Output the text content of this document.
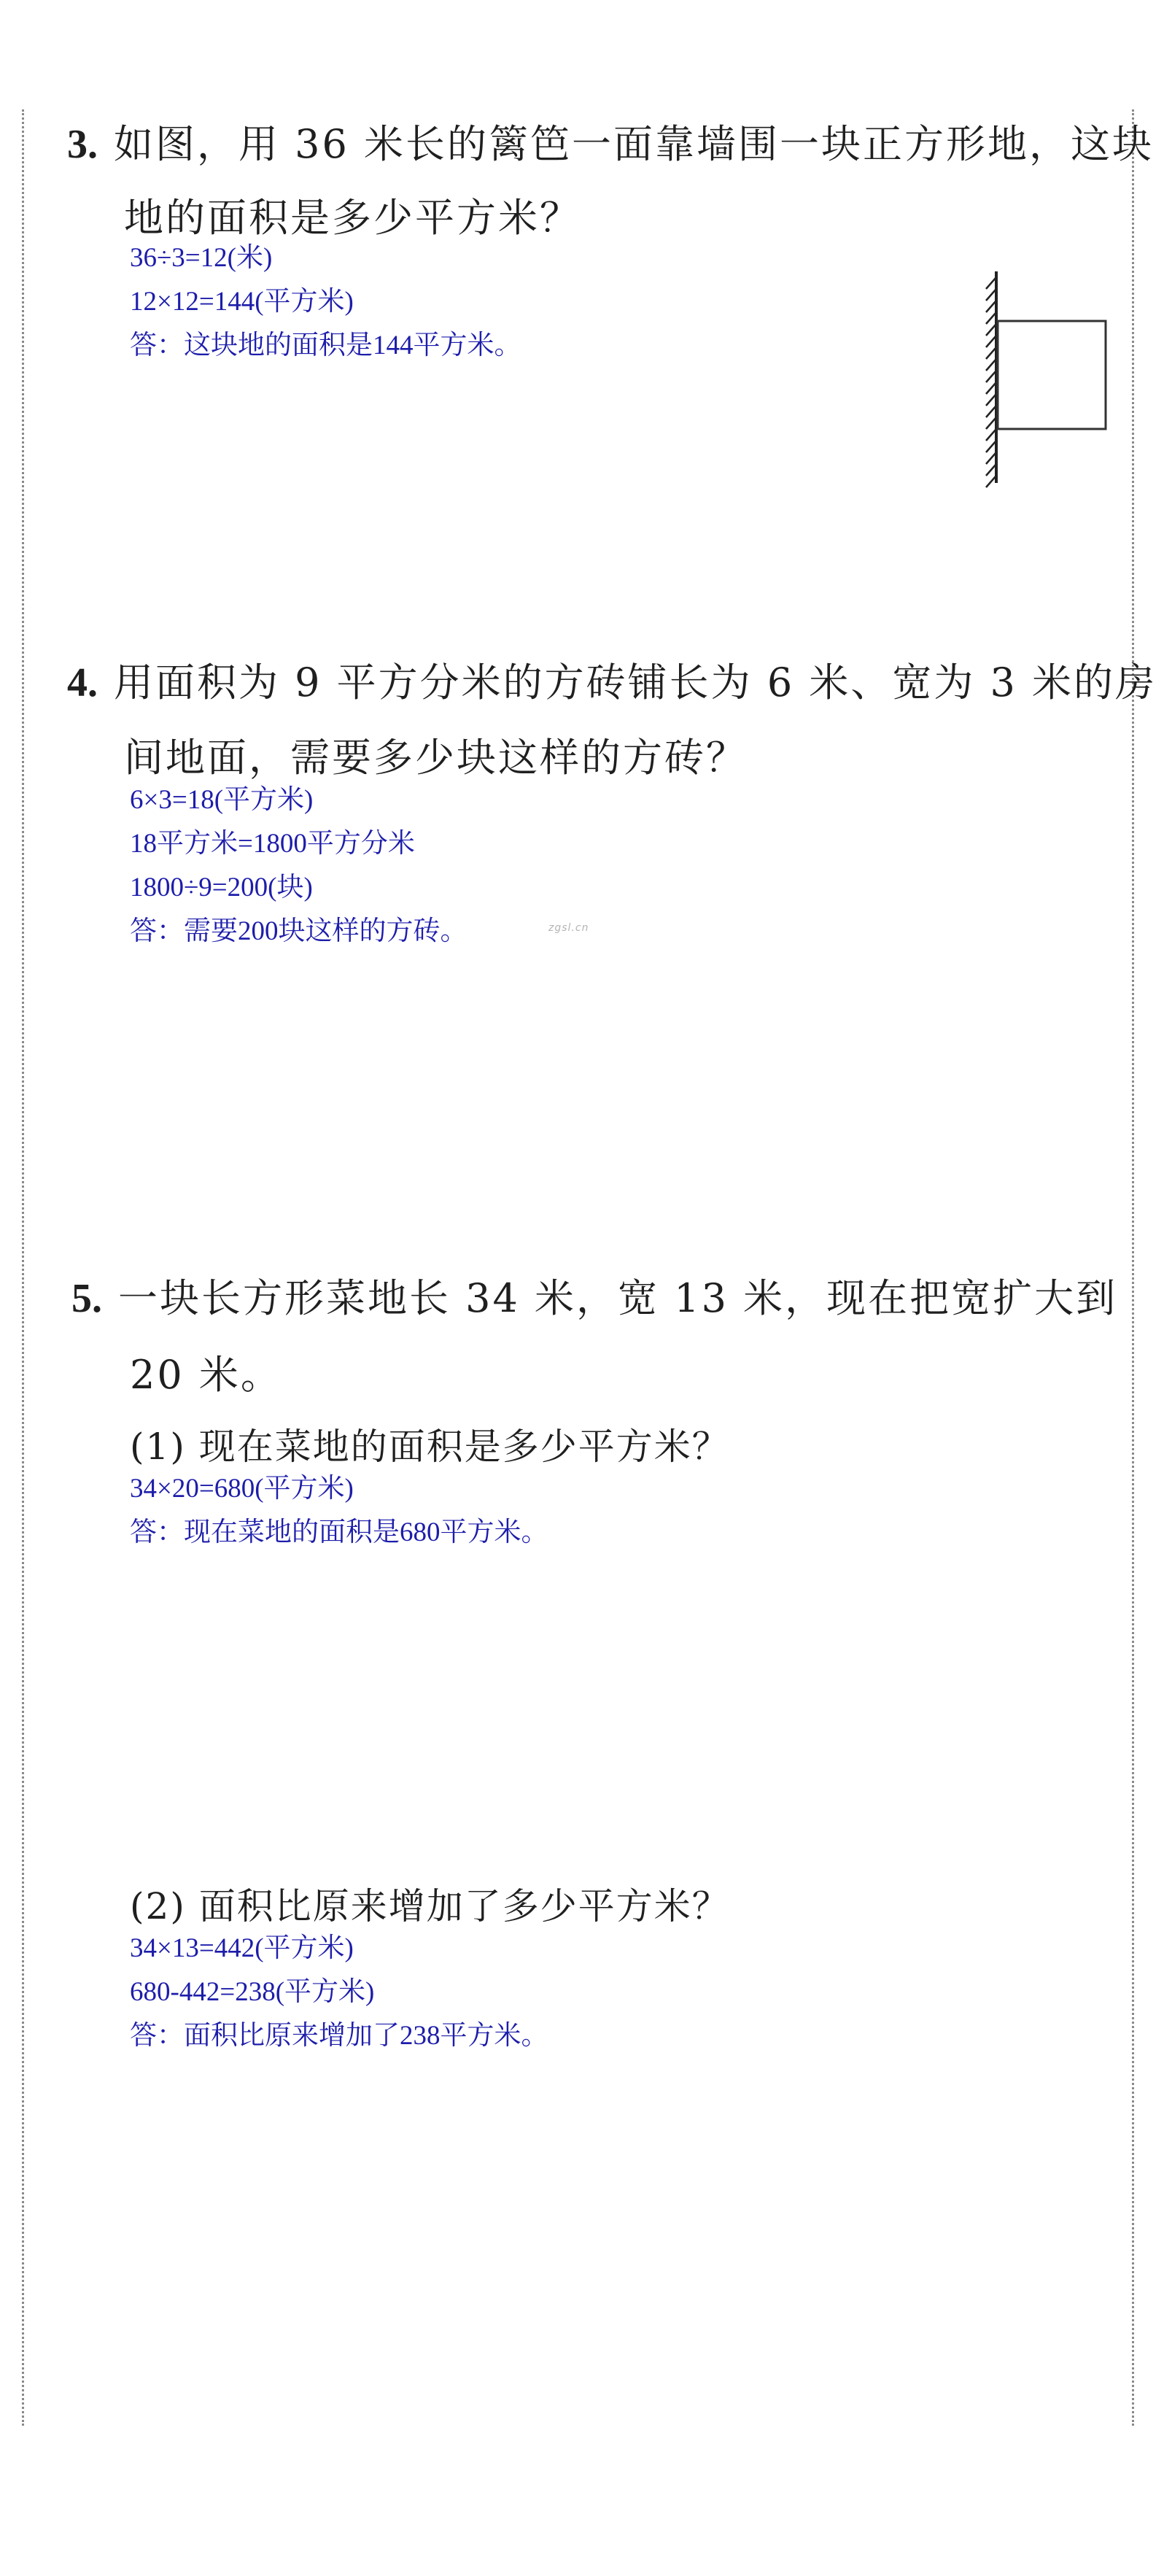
3. 如图，用 36 米长的篱笆一面靠墙围一块正方形地，这块
地的面积是多少平方米？
36÷3=12(米)
12×12=144(平方米)
答：这块地的面积是144平方米。
4. 用面积为 9 平方分米的方砖铺长为 6 米、宽为 3 米的房
间地面，需要多少块这样的方砖？
6×3=18(平方米)
18平方米=1800平方分米
1800÷9=200(块)
答：需要200块这样的方砖。	zgsl.cn
5. 一块长方形菜地长 34 米，宽 13 米，现在把宽扩大到
20 米。
(1) 现在菜地的面积是多少平方米？
34×20=680(平方米)
答：现在菜地的面积是680平方米。
(2) 面积比原来增加了多少平方米？
34×13=442(平方米)
680-442=238(平方米)
答：面积比原来增加了238平方米。
